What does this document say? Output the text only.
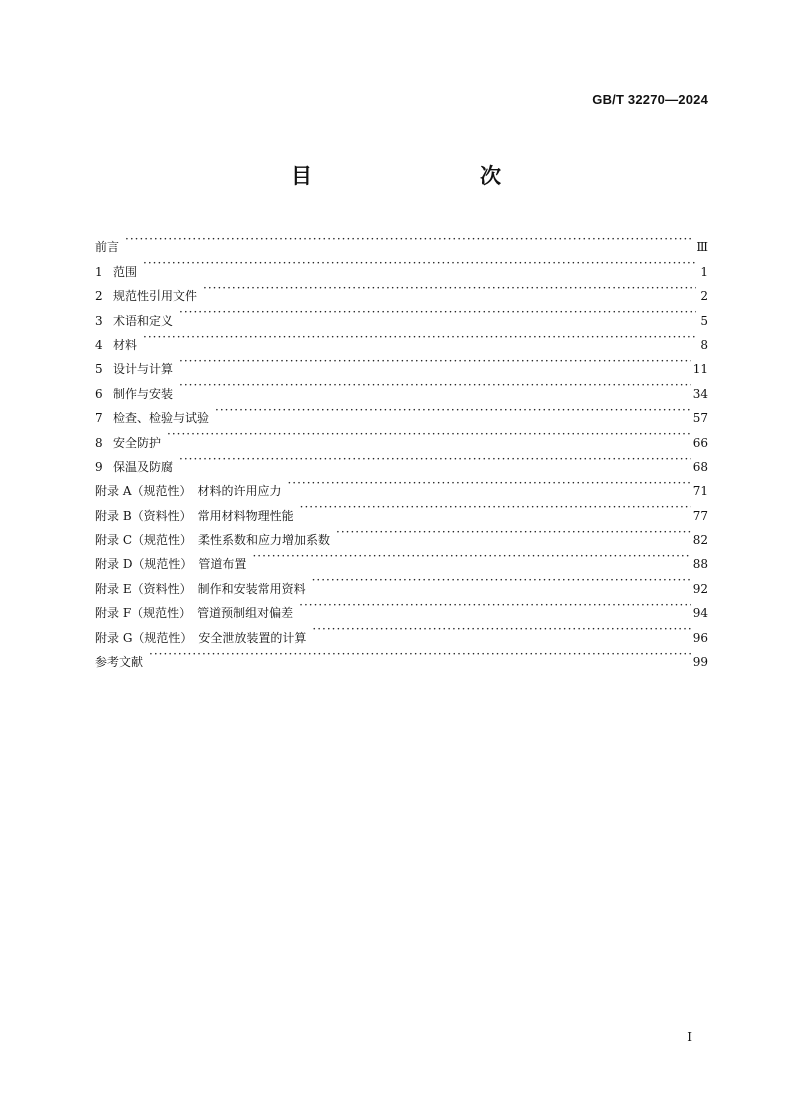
GB/T 32270—2024
目　　次
前言 ·····	Ⅲ
1 范围 ·····	1
2 规范性引用文件 ·····	2
3 术语和定义 ·····	5
4 材料 ·····	8
5 设计与计算 ·····	11
6 制作与安装 ·····	34
7 检查、检验与试验 ·····	57
8 安全防护 ·····	66
9 保温及防腐 ·····	68
附录 A（规范性）　材料的许用应力 ·····	71
附录 B（资料性）　常用材料物理性能 ·····	77
附录 C（规范性）　柔性系数和应力增加系数 ·····	82
附录 D（规范性）　管道布置 ·····	88
附录 E（资料性）　制作和安装常用资料 ·····	92
附录 F（规范性）　管道预制组对偏差 ·····	94
附录 G（规范性）　安全泄放装置的计算 ·····	96
参考文献 ·····	99
I
